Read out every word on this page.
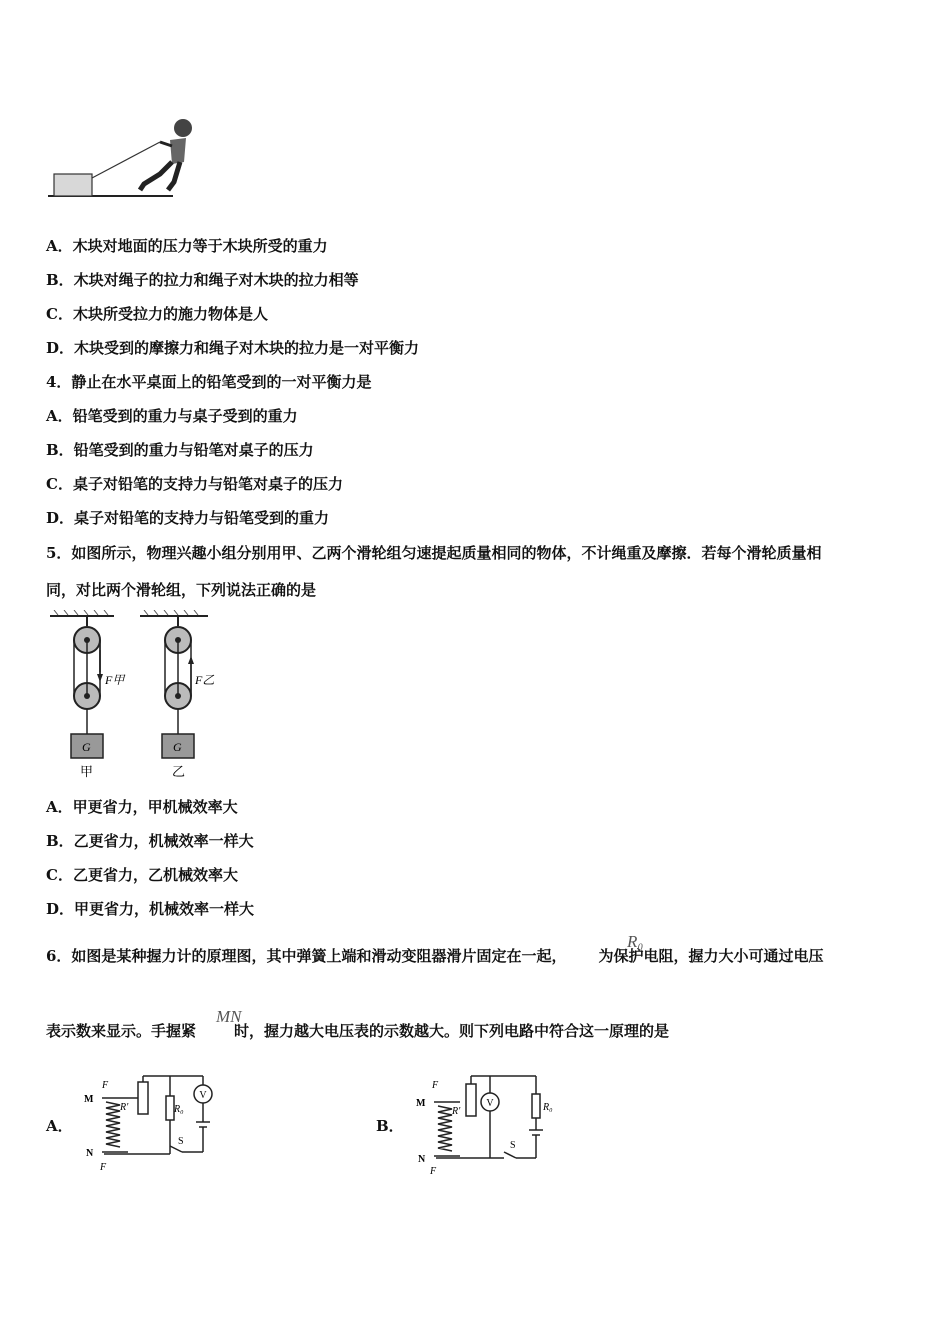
A．木块对地面的压力等于木块所受的重力
B．木块对绳子的拉力和绳子对木块的拉力相等
C．木块所受拉力的施力物体是人
D．木块受到的摩擦力和绳子对木块的拉力是一对平衡力
4．静止在水平桌面上的铅笔受到的一对平衡力是
A．铅笔受到的重力与桌子受到的重力
B．铅笔受到的重力与铅笔对桌子的压力
C．桌子对铅笔的支持力与铅笔对桌子的压力
D．桌子对铅笔的支持力与铅笔受到的重力
5．如图所示，物理兴趣小组分别用甲、乙两个滑轮组匀速提起质量相同的物体，不计绳重及摩擦．若每个滑轮质量相
同，对比两个滑轮组，下列说法正确的是
F甲
G
甲
F乙
G
乙
A．甲更省力，甲机械效率大
B．乙更省力，机械效率一样大
C．乙更省力，乙机械效率大
D．甲更省力，机械效率一样大
6．如图是某种握力计的原理图，其中弹簧上端和滑动变阻器滑片固定在一起， 为保护电阻，握力大小可通过电压
R₀
表示数来显示。手握紧	时，握力越大电压表的示数越大。则下列电路中符合这一原理的是
MN
A．	B．
V
M
N
F
F
R'	R₀
S
V
M
N
F
F
R'	R₀
S
